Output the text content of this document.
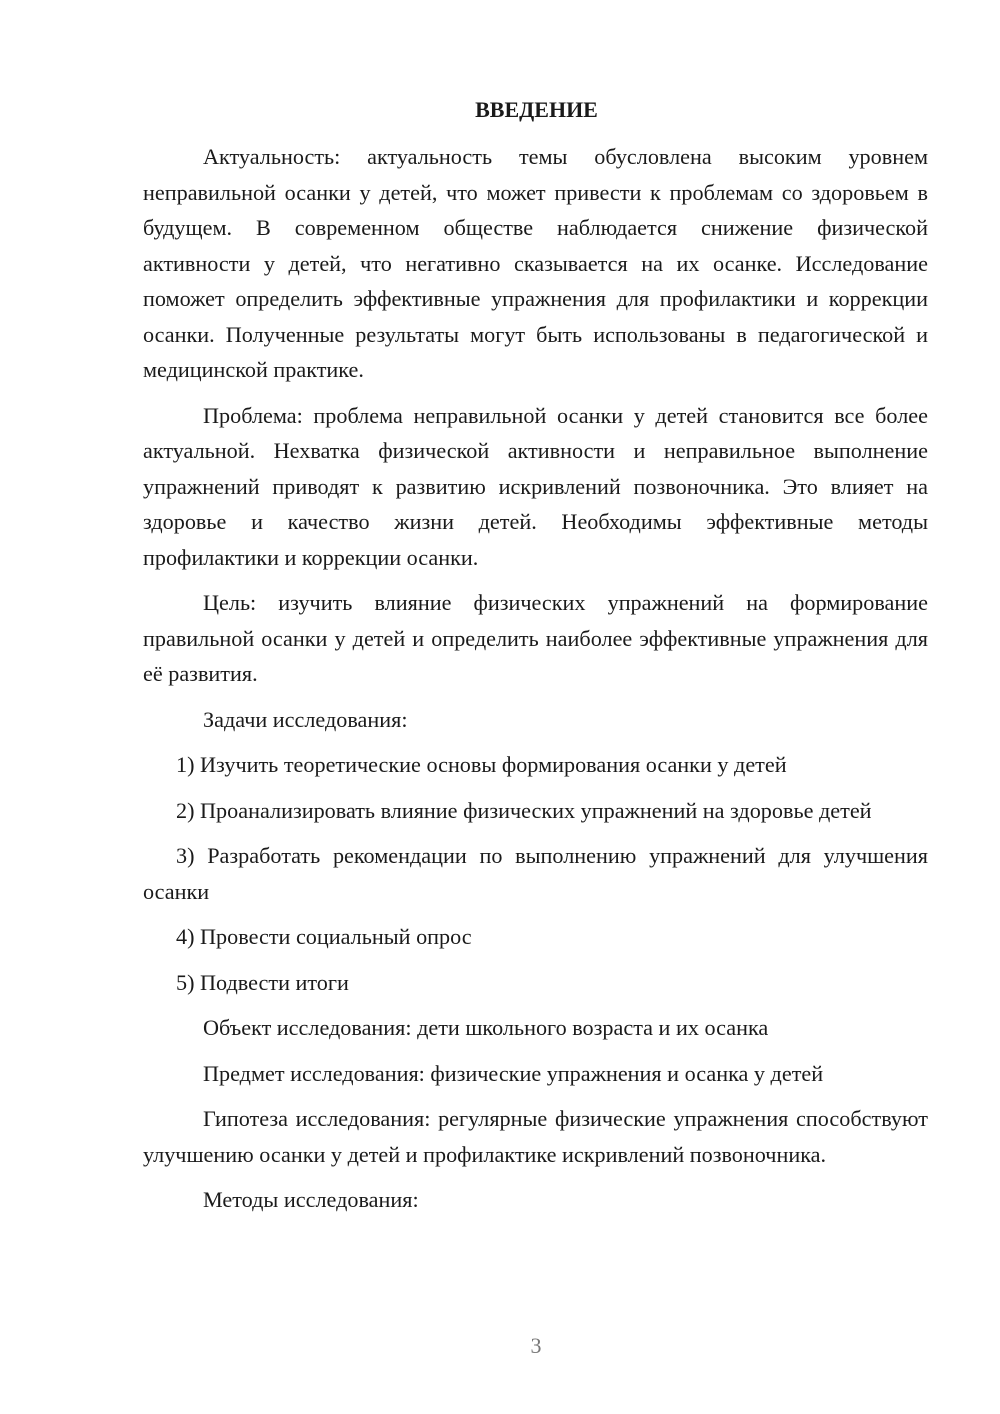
ВВЕДЕНИЕ

Актуальность: актуальность темы обусловлена высоким уровнем неправильной осанки у детей, что может привести к проблемам со здоровьем в будущем. В современном обществе наблюдается снижение физической активности у детей, что негативно сказывается на их осанке. Исследование поможет определить эффективные упражнения для профилактики и коррекции осанки. Полученные результаты могут быть использованы в педагогической и медицинской практике.

Проблема: проблема неправильной осанки у детей становится все более актуальной. Нехватка физической активности и неправильное выполнение упражнений приводят к развитию искривлений позвоночника. Это влияет на здоровье и качество жизни детей. Необходимы эффективные методы профилактики и коррекции осанки.

Цель: изучить влияние физических упражнений на формирование правильной осанки у детей и определить наиболее эффективные упражнения для её развития.

Задачи исследования:

1) Изучить теоретические основы формирования осанки у детей

2) Проанализировать влияние физических упражнений на здоровье детей

3) Разработать рекомендации по выполнению упражнений для улучшения осанки

4) Провести социальный опрос

5) Подвести итоги

Объект исследования: дети школьного возраста и их осанка

Предмет исследования: физические упражнения и осанка у детей

Гипотеза исследования: регулярные физические упражнения способствуют улучшению осанки у детей и профилактике искривлений позвоночника.

Методы исследования:

3
